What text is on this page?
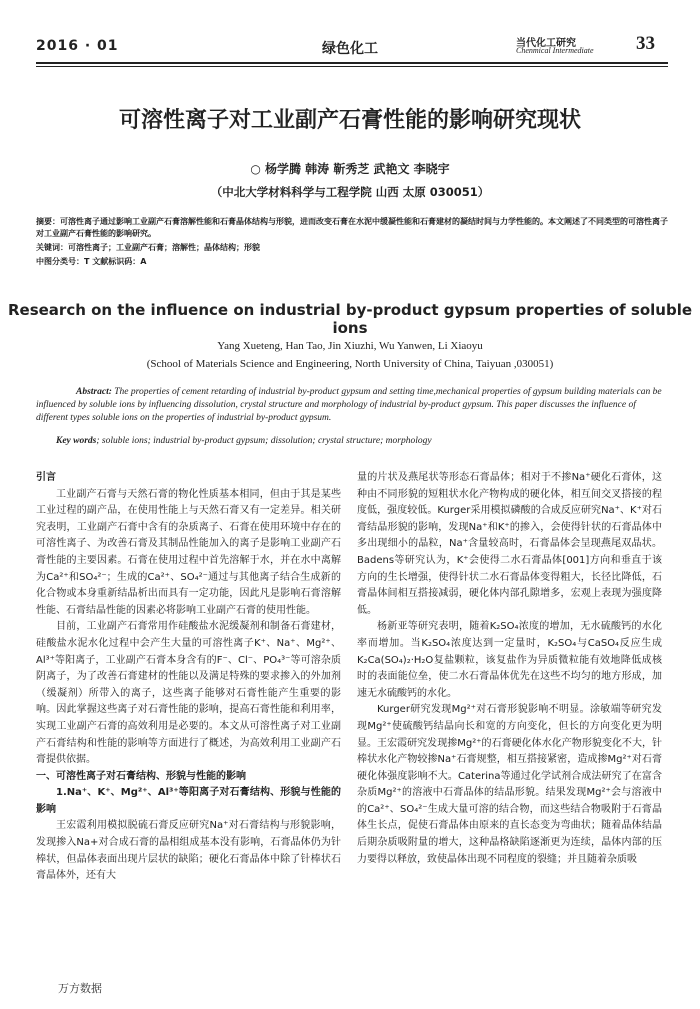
2016 · 01	绿色化工	当代化工研究
Chenmical Intermediate 33
可溶性离子对工业副产石膏性能的影响研究现状
○ 杨学腾 韩涛 靳秀芝 武艳文 李晓宇
（中北大学材料科学与工程学院 山西 太原 030051）
摘要：可溶性离子通过影响工业副产石膏溶解性能和石膏晶体结构与形貌，进而改变石膏在水泥中缓凝性能和石膏建材的凝结时间与力学性能的。本文阐述了不同类型的可溶性离子对工业副产石膏性能的影响研究。
关键词：可溶性离子；工业副产石膏；溶解性；晶体结构；形貌
中图分类号：T 文献标识码：A
Research on the influence on industrial by-product gypsum properties of soluble ions
Yang Xueteng, Han Tao, Jin Xiuzhi, Wu Yanwen, Li Xiaoyu
(School of Materials Science and Engineering, North University of China, Taiyuan ,030051)
Abstract: The properties of cement retarding of industrial by-product gypsum and setting time,mechanical properties of gypsum building materials can be influenced by soluble ions by influencing dissolution, crystal structure and morphology of industrial by-product gypsum. This paper discusses the influence of different types soluble ions on the properties of industrial by-product gypsum.
Key words; soluble ions; industrial by-product gypsum; dissolution; crystal structure; morphology

引言

工业副产石膏与天然石膏的物化性质基本相同，但由于其是某些工业过程的副产品，在使用性能上与天然石膏又有一定差异。相关研究表明，工业副产石膏中含有的杂质离子、石膏在使用环境中存在的可溶性离子、为改善石膏及其制品性能加入的离子是影响工业副产石膏性能的主要因素。石膏在使用过程中首先溶解于水，并在水中离解为Ca²⁺和SO₄²⁻；生成的Ca²⁺、SO₄²⁻通过与其他离子结合生成新的化合物或本身重新结晶析出而具有一定功能，因此凡是影响石膏溶解性能、石膏结晶性能的因素必将影响工业副产石膏的使用性能。

目前，工业副产石膏常用作硅酸盐水泥缓凝剂和制备石膏建材，硅酸盐水泥水化过程中会产生大量的可溶性离子K⁺、Na⁺、Mg²⁺、Al³⁺等阳离子，工业副产石膏本身含有的F⁻、Cl⁻、PO₄³⁻等可溶杂质阴离子，为了改善石膏建材的性能以及满足特殊的要求掺入的外加剂（缓凝剂）所带入的离子，这些离子能够对石膏性能产生重要的影响。因此掌握这些离子对石膏性能的影响，提高石膏性能和利用率，实现工业副产石膏的高效利用是必要的。本文从可溶性离子对工业副产石膏结构和性能的影响等方面进行了概述，为高效利用工业副产石膏提供依据。

一、可溶性离子对石膏结构、形貌与性能的影响

1.Na⁺、K⁺、Mg²⁺、Al³⁺等阳离子对石膏结构、形貌与性能的影响

王宏霞利用模拟脱硫石膏反应研究Na⁺对石膏结构与形貌影响，发现掺入Na+对合成石膏的晶相组成基本没有影响，石膏晶体仍为针棒状，但晶体表面出现片层状的缺陷；硬化石膏晶体中除了针棒状石膏晶体外，还有大

量的片状及燕尾状等形态石膏晶体；相对于不掺Na⁺硬化石膏体，这种由不同形貌的短粗状水化产物构成的硬化体，相互间交叉搭接的程度低，强度较低。Kurger采用模拟磷酸的合成反应研究Na⁺、K⁺对石膏结晶形貌的影响，发现Na⁺和K⁺的掺入，会使得针状的石膏晶体中多出现细小的晶粒，Na⁺含量较高时，石膏晶体会呈现燕尾双晶状。Badens等研究认为，K⁺会使得二水石膏晶体[001]方向和垂直于该方向的生长增强，使得针状二水石膏晶体变得粗大，长径比降低，石膏晶体间相互搭接减弱，硬化体内部孔隙增多，宏观上表现为强度降低。

杨新亚等研究表明，随着K₂SO₄浓度的增加，无水硫酸钙的水化率而增加。当K₂SO₄浓度达到一定量时，K₂SO₄与CaSO₄反应生成K₂Ca(SO₄)₂·H₂O复盐颗粒，该复盐作为异质微粒能有效地降低成核时的表面能位垒，使二水石膏晶体优先在这些不均匀的地方形成，加速无水硫酸钙的水化。

Kurger研究发现Mg²⁺对石膏形貌影响不明显。涂敏端等研究发现Mg²⁺使硫酸钙结晶向长和宽的方向变化，但长的方向变化更为明显。王宏霞研究发现掺Mg²⁺的石膏硬化体水化产物形貌变化不大，针棒状水化产物较掺Na⁺石膏规整，相互搭接紧密，造成掺Mg²⁺对石膏硬化体强度影响不大。Caterina等通过化学试剂合成法研究了在富含杂质Mg²⁺的溶液中石膏晶体的结晶形貌。结果发现Mg²⁺会与溶液中的Ca²⁺、SO₄²⁻生成大量可溶的结合物，而这些结合物吸附于石膏晶体生长点，促使石膏晶体由原来的直长态变为弯曲状；随着晶体结晶后期杂质吸附量的增大，这种晶格缺陷逐渐更为连续，晶体内部的压力要得以释放，致使晶体出现不同程度的裂缝；并且随着杂质吸

万方数据
